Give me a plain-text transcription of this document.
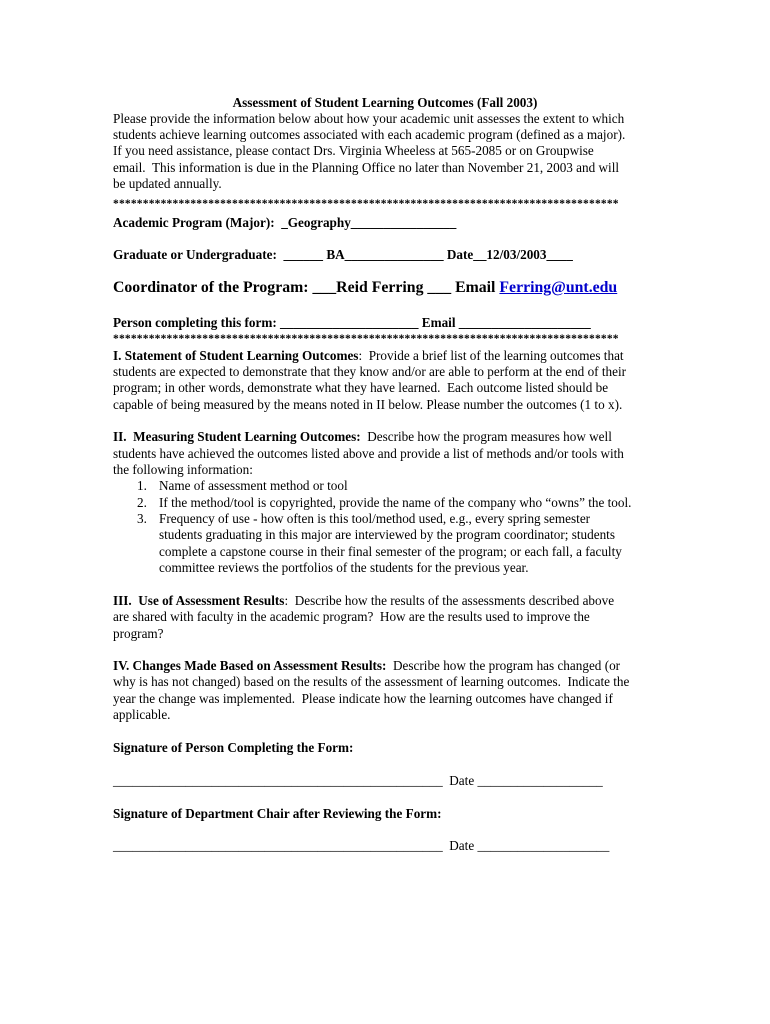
Assessment of Student Learning Outcomes (Fall 2003)
Please provide the information below about how your academic unit assesses the extent to which
students achieve learning outcomes associated with each academic program (defined as a major).
If you need assistance, please contact Drs. Virginia Wheeless at 565-2085 or on Groupwise
email.  This information is due in the Planning Office no later than November 21, 2003 and will
be updated annually.
*************************************************************************************
Academic Program (Major): _Geography________________
Graduate or Undergraduate: ______ BA_______________ Date__12/03/2003____
Coordinator of the Program: ___Reid Ferring ___ Email Ferring@unt.edu
Person completing this form: _____________________ Email ____________________
*************************************************************************************
I. Statement of Student Learning Outcomes:  Provide a brief list of the learning outcomes that
students are expected to demonstrate that they know and/or are able to perform at the end of their
program; in other words, demonstrate what they have learned.  Each outcome listed should be
capable of being measured by the means noted in II below. Please number the outcomes (1 to x).
II.  Measuring Student Learning Outcomes:  Describe how the program measures how well
students have achieved the outcomes listed above and provide a list of methods and/or tools with
the following information:
1. Name of assessment method or tool
2. If the method/tool is copyrighted, provide the name of the company who “owns” the tool.
3. Frequency of use - how often is this tool/method used, e.g., every spring semester
students graduating in this major are interviewed by the program coordinator; students
complete a capstone course in their final semester of the program; or each fall, a faculty
committee reviews the portfolios of the students for the previous year.
III.  Use of Assessment Results:  Describe how the results of the assessments described above
are shared with faculty in the academic program?  How are the results used to improve the
program?
IV. Changes Made Based on Assessment Results:  Describe how the program has changed (or
why is has not changed) based on the results of the assessment of learning outcomes.  Indicate the
year the change was implemented.  Please indicate how the learning outcomes have changed if
applicable.
Signature of Person Completing the Form:
__________________________________________________ Date ___________________
Signature of Department Chair after Reviewing the Form:
__________________________________________________ Date ____________________
